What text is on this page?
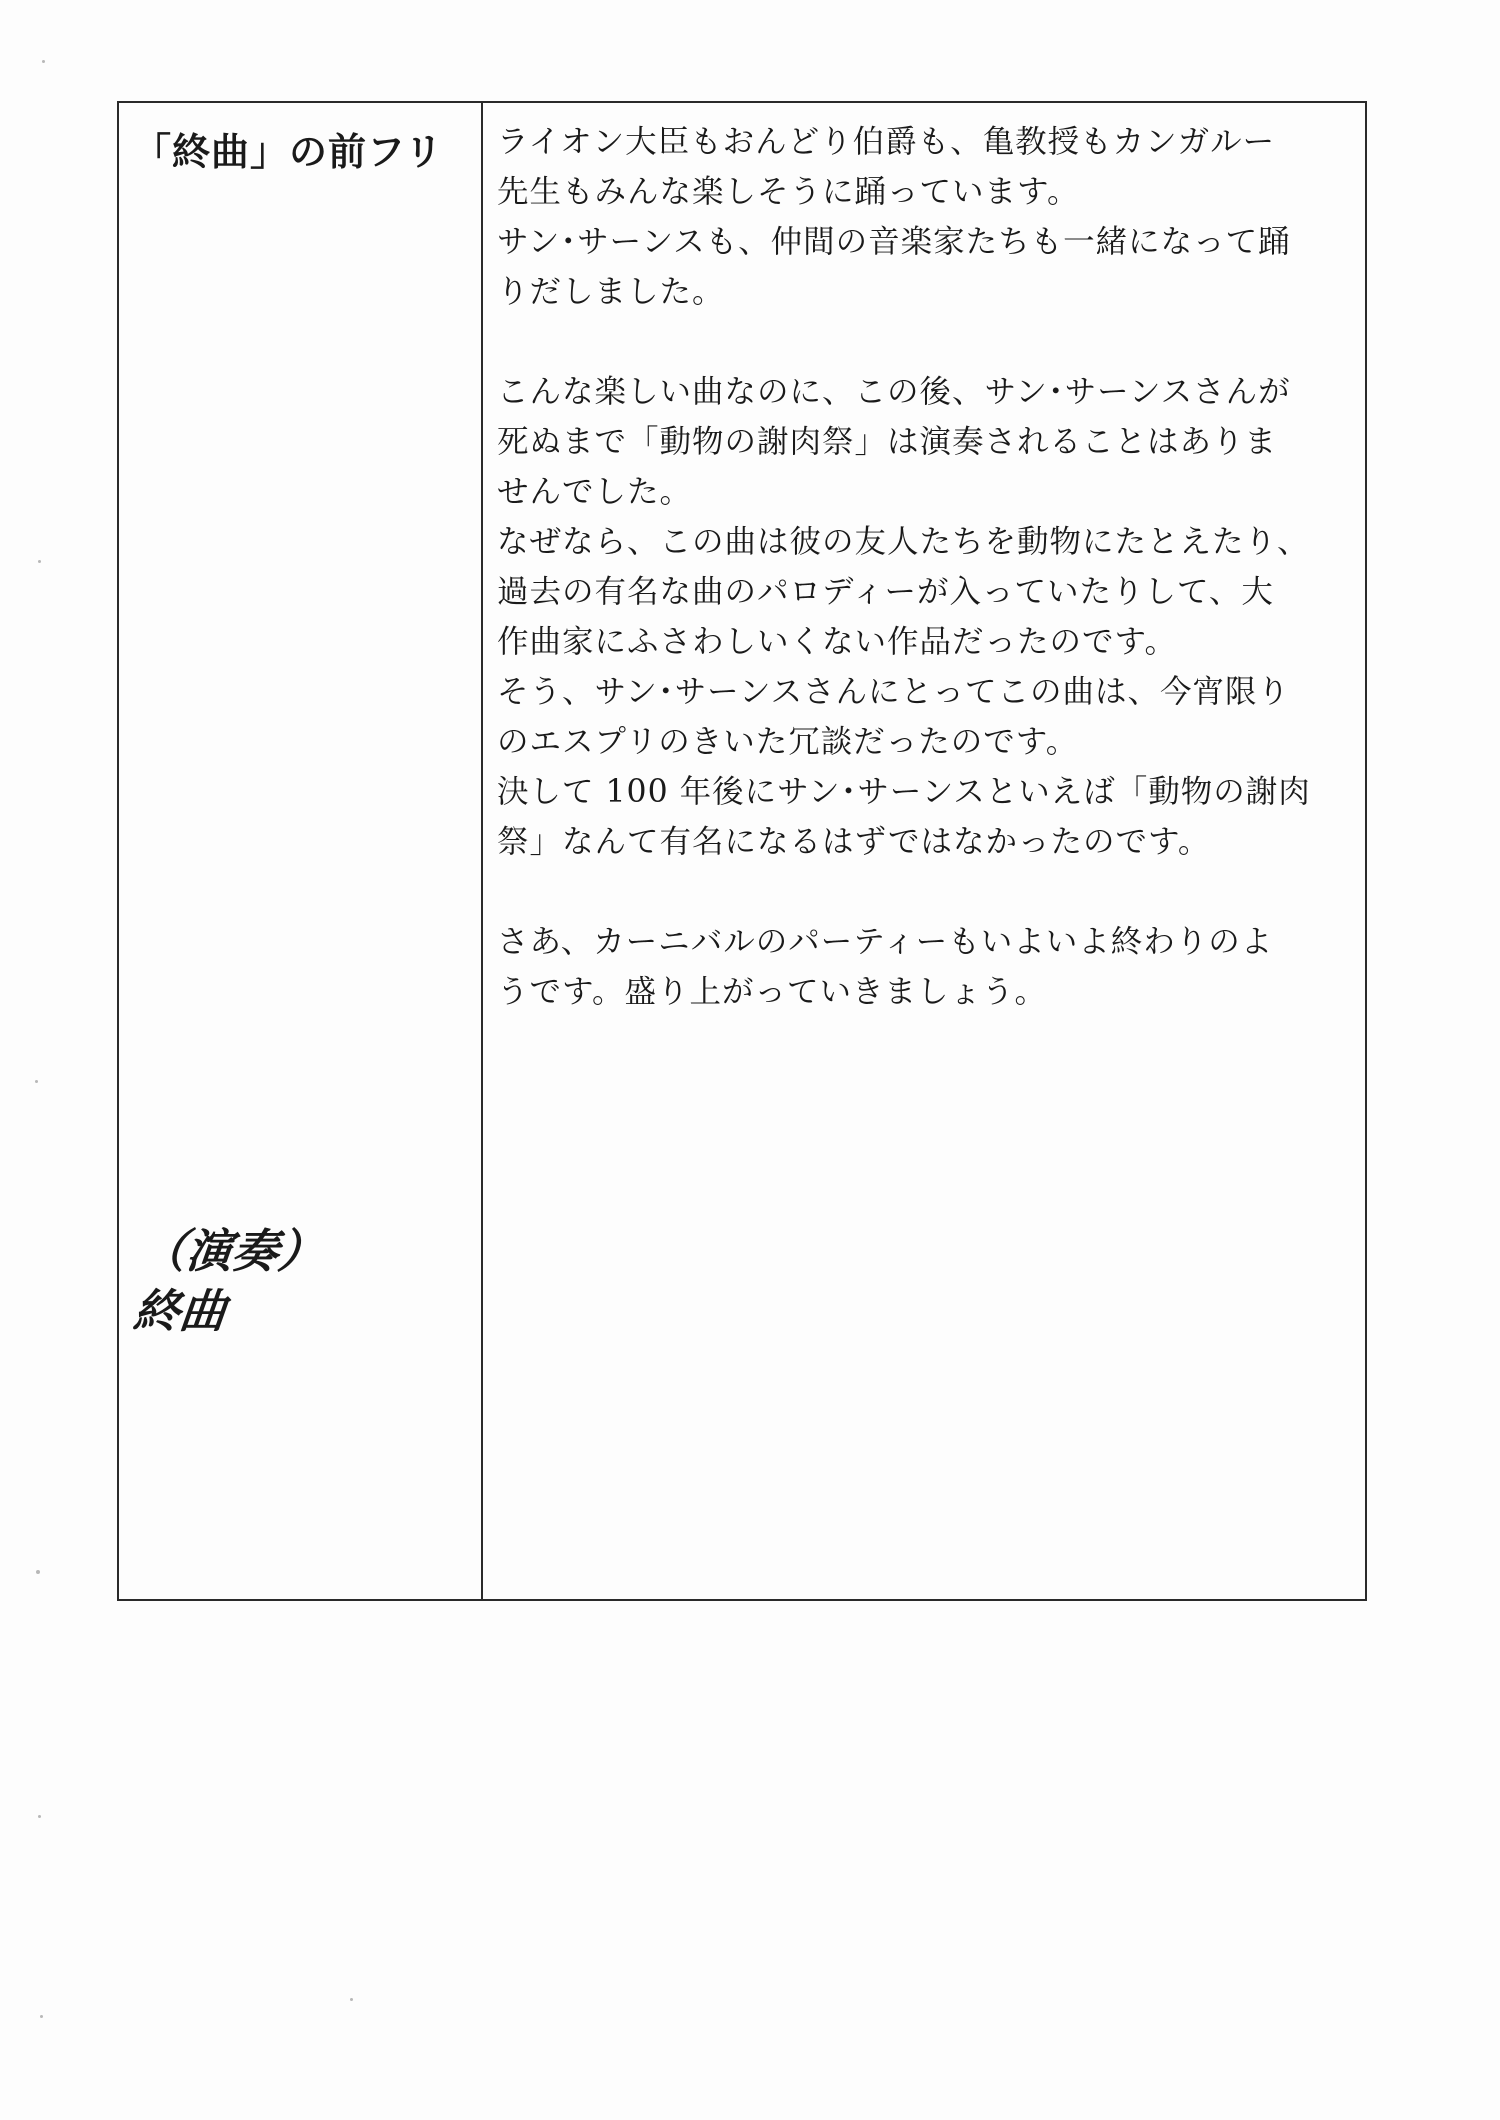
「終曲」の前フリ
（演奏）
終曲
ライオン大臣もおんどり伯爵も、亀教授もカンガルー
先生もみんな楽しそうに踊っています。
サン･サーンスも、仲間の音楽家たちも一緒になって踊
りだしました。
こんな楽しい曲なのに、この後、サン･サーンスさんが
死ぬまで「動物の謝肉祭」は演奏されることはありま
せんでした。
なぜなら、この曲は彼の友人たちを動物にたとえたり、
過去の有名な曲のパロディーが入っていたりして、大
作曲家にふさわしいくない作品だったのです。
そう、サン･サーンスさんにとってこの曲は、今宵限り
のエスプリのきいた冗談だったのです。
決して 100 年後にサン･サーンスといえば「動物の謝肉
祭」なんて有名になるはずではなかったのです。
さあ、カーニバルのパーティーもいよいよ終わりのよ
うです。盛り上がっていきましょう。
